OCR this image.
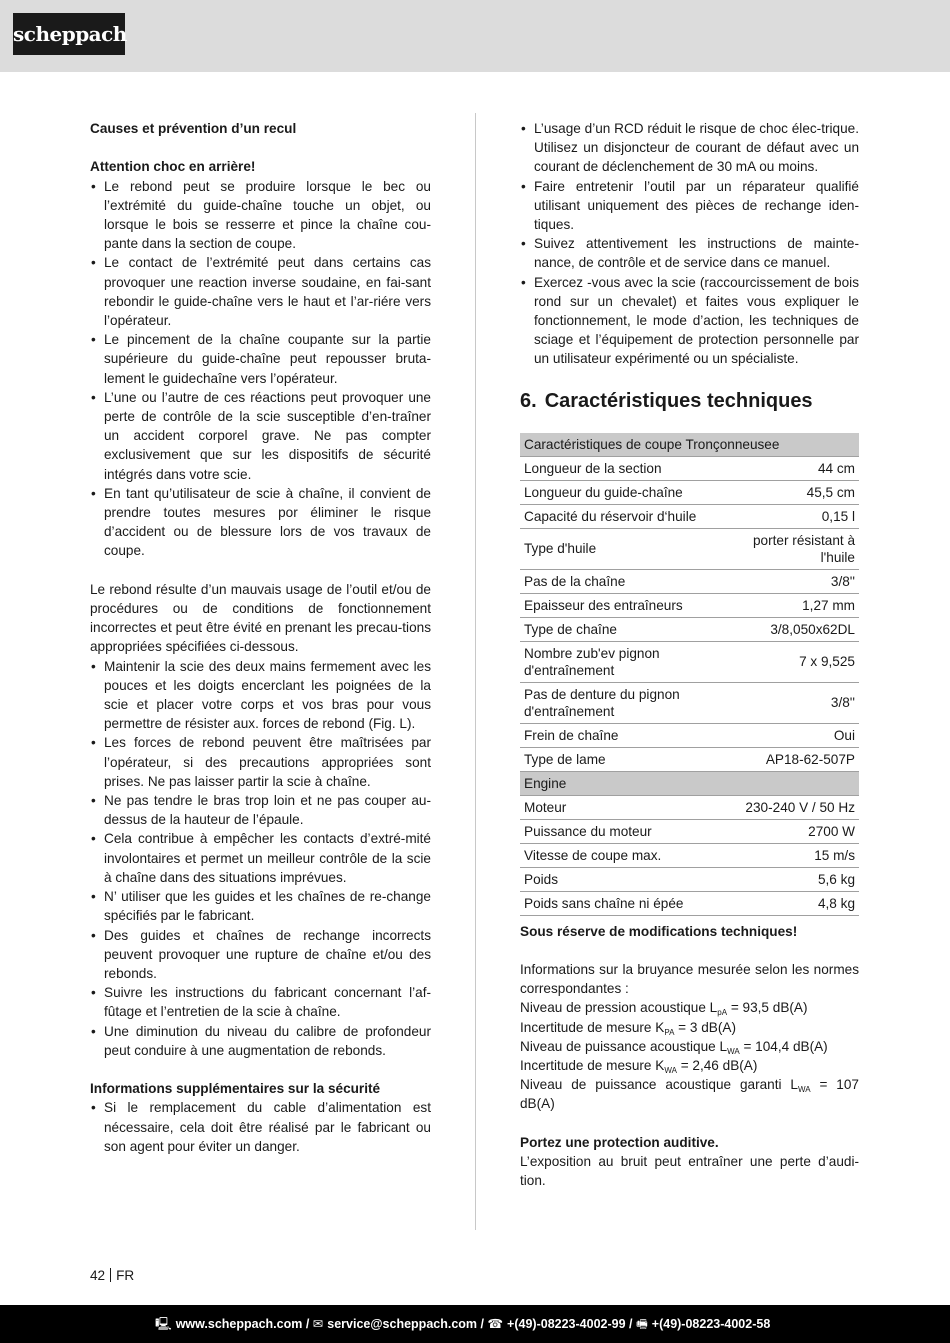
scheppach

Causes et prévention d’un recul

Attention choc en arrière!

• Le rebond peut se produire lorsque le bec ou l’extrémité du guide-chaîne touche un objet, ou lorsque le bois se resserre et pince la chaîne cou-pante dans la section de coupe.
• Le contact de l’extrémité peut dans certains cas provoquer une reaction inverse soudaine, en fai-sant rebondir le guide-chaîne vers le haut et l’ar-riére vers l’opérateur.
• Le pincement de la chaîne coupante sur la partie supérieure du guide-chaîne peut repousser bruta-lement le guidechaîne vers l’opérateur.
• L’une ou l’autre de ces réactions peut provoquer une perte de contrôle de la scie susceptible d’en-traîner un accident corporel grave. Ne pas compter exclusivement que sur les dispositifs de sécurité intégrés dans votre scie.
• En tant qu’utilisateur de scie à chaîne, il convient de prendre toutes mesures por éliminer le risque d’accident ou de blessure lors de vos travaux de coupe.

Le rebond résulte d’un mauvais usage de l’outil et/ou de procédures ou de conditions de fonctionnement incorrectes et peut être évité en prenant les precau-tions appropriées spécifiées ci-dessous.

• Maintenir la scie des deux mains fermement avec les pouces et les doigts encerclant les poignées de la scie et placer votre corps et vos bras pour vous permettre de résister aux. forces de rebond (Fig. L).
• Les forces de rebond peuvent être maîtrisées par l’opérateur, si des precautions appropriées sont prises. Ne pas laisser partir la scie à chaîne.
• Ne pas tendre le bras trop loin et ne pas couper au-dessus de la hauteur de l’épaule.
• Cela contribue à empêcher les contacts d’extré-mité involontaires et permet un meilleur contrôle de la scie à chaîne dans des situations imprévues.
• N’ utiliser que les guides et les chaînes de re-change spécifiés par le fabricant.
• Des guides et chaînes de rechange incorrects peuvent provoquer une rupture de chaîne et/ou des rebonds.
• Suivre les instructions du fabricant concernant l’af-fûtage et l’entretien de la scie à chaîne.
• Une diminution du niveau du calibre de profondeur peut conduire à une augmentation de rebonds.

Informations supplémentaires sur la sécurité

• Si le remplacement du cable d’alimentation est nécessaire, cela doit être réalisé par le fabricant ou son agent pour éviter un danger.
• L’usage d’un RCD réduit le risque de choc élec-trique. Utilisez un disjoncteur de courant de défaut avec un courant de déclenchement de 30 mA ou moins.
• Faire entretenir l’outil par un réparateur qualifié utilisant uniquement des pièces de rechange iden-tiques.
• Suivez attentivement les instructions de mainte-nance, de contrôle et de service dans ce manuel.
• Exercez -vous avec la scie (raccourcissement de bois rond sur un chevalet) et faites vous expliquer le fonctionnement, le mode d’action, les techniques de sciage et l’équipement de protection personnelle par un utilisateur expérimenté ou un spécialiste.
6. Caractéristiques techniques
Caractéristiques de coupe Tronçonneusee	
Longueur de la section	44 cm
Longueur du guide-chaîne	45,5 cm
Capacité du réservoir d‘huile	0,15 l
Type d'huile	porter résistant à l'huile
Pas de la chaîne	3/8''
Epaisseur des entraîneurs	1,27 mm
Type de chaîne	3/8,050x62DL
Nombre zub'ev pignon d'entraînement	7 x 9,525
Pas de denture du pignon d'entraînement	3/8''
Frein de chaîne	Oui
Type de lame	AP18-62-507P
Engine	
Moteur	230-240 V / 50 Hz
Puissance du moteur	2700 W
Vitesse de coupe max.	15 m/s
Poids	5,6 kg
Poids sans chaîne ni épée	4,8 kg

Sous réserve de modifications techniques!

Informations sur la bruyance mesurée selon les normes correspondantes :

Niveau de pression acoustique $L_{pA} = 93,5$ dB(A)

Incertitude de mesure $K_{PA} = 3$ dB(A)

Niveau de puissance acoustique $L_{WA} = 104,4$ dB(A)

Incertitude de mesure $K_{WA} = 2,46$ dB(A)

Niveau de puissance acoustique garanti $L_{WA} = 107$ dB(A)

Portez une protection auditive.

L’exposition au bruit peut entraîner une perte d’audi-tion.

42 FR
🖳 www.scheppach.com / ✉ service@scheppach.com / ☎ +(49)-08223-4002-99 / 🖷 +(49)-08223-4002-58
